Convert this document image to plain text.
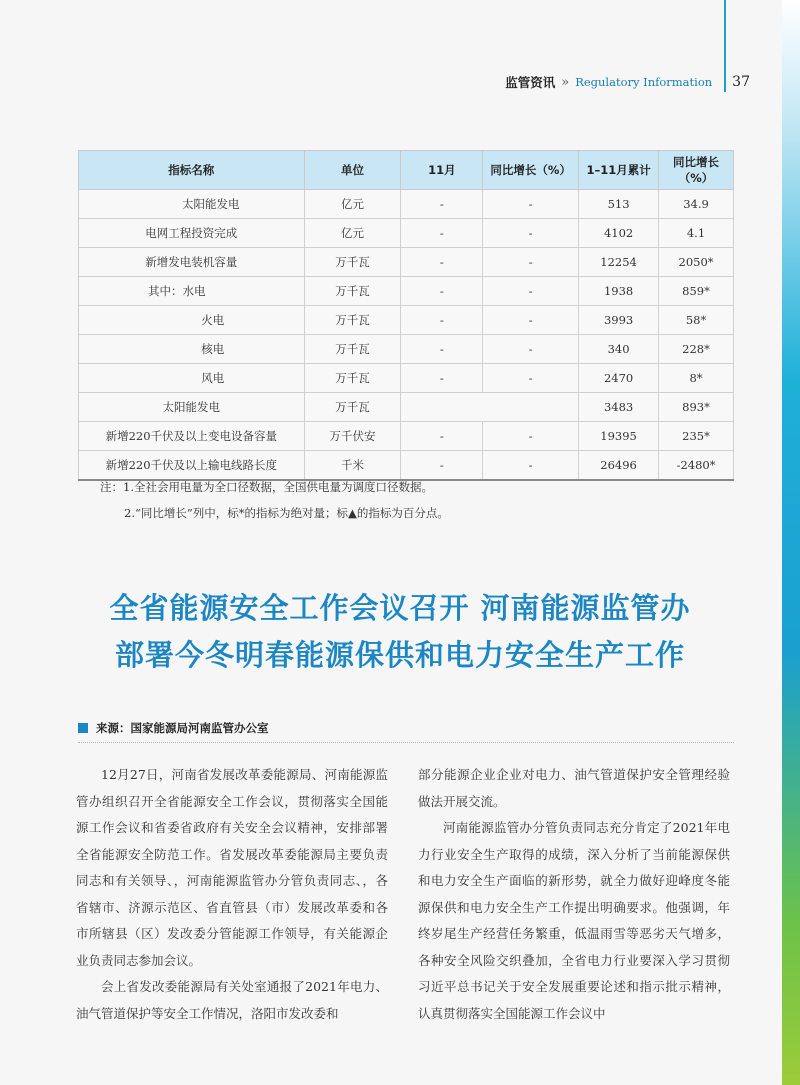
监管资讯 » Regulatory Information 37
指标名称	单位	11月	同比增长（%）	1–11月累计	同比增长（%）
太阳能发电	亿元	-	-	513	34.9
电网工程投资完成	亿元	-	-	4102	4.1
新增发电装机容量	万千瓦	-	-	12254	2050*
其中：水电	万千瓦	-	-	1938	859*
火电	万千瓦	-	-	3993	58*
核电	万千瓦	-	-	340	228*
风电	万千瓦	-	-	2470	8*
太阳能发电	万千瓦			3483	893*
新增220千伏及以上变电设备容量	万千伏安	-	-	19395	235*
新增220千伏及以上输电线路长度	千米	-	-	26496	-2480*
注：1.全社会用电量为全口径数据，全国供电量为调度口径数据。
2.“同比增长”列中，标*的指标为绝对量；标▲的指标为百分点。
全省能源安全工作会议召开 河南能源监管办
部署今冬明春能源保供和电力安全生产工作
来源：国家能源局河南监管办公室

12月27日，河南省发展改革委能源局、河南能源监管办组织召开全省能源安全工作会议，贯彻落实全国能源工作会议和省委省政府有关安全会议精神，安排部署全省能源安全防范工作。省发展改革委能源局主要负责同志和有关领导、，河南能源监管办分管负责同志、，各省辖市、济源示范区、省直管县（市）发展改革委和各市所辖县（区）发改委分管能源工作领导，有关能源企业负责同志参加会议。

会上省发改委能源局有关处室通报了2021年电力、油气管道保护等安全工作情况，洛阳市发改委和

部分能源企业企业对电力、油气管道保护安全管理经验做法开展交流。

河南能源监管办分管负责同志充分肯定了2021年电力行业安全生产取得的成绩，深入分析了当前能源保供和电力安全生产面临的新形势，就全力做好迎峰度冬能源保供和电力安全生产工作提出明确要求。他强调，年终岁尾生产经营任务繁重，低温雨雪等恶劣天气增多，各种安全风险交织叠加，全省电力行业要深入学习贯彻习近平总书记关于安全发展重要论述和指示批示精神，认真贯彻落实全国能源工作会议中
